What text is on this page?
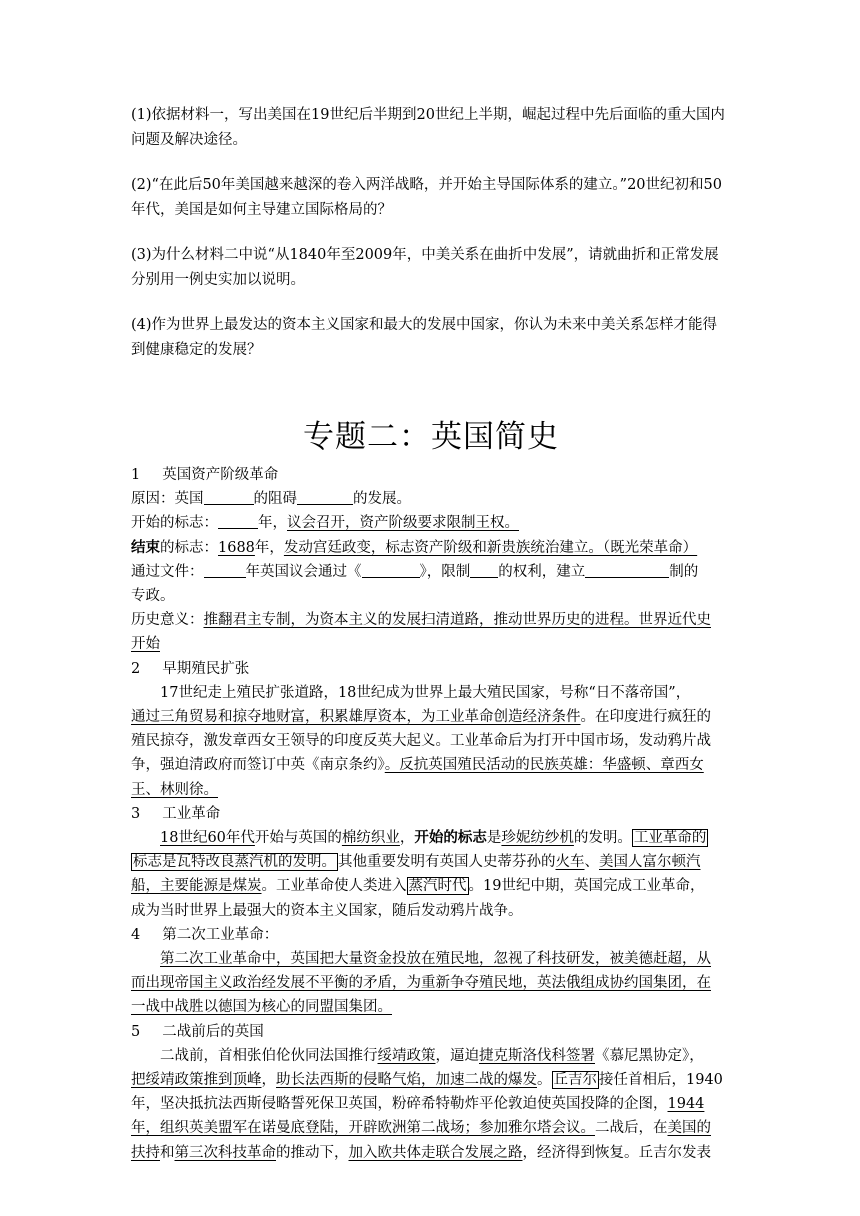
(1)依据材料一，写出美国在19世纪后半期到20世纪上半期，崛起过程中先后面临的重大国内问题及解决途径。

(2)“在此后50年美国越来越深的卷入两洋战略，并开始主导国际体系的建立。”20世纪初和50年代，美国是如何主导建立国际格局的？

(3)为什么材料二中说“从1840年至2009年，中美关系在曲折中发展”，请就曲折和正常发展分别用一例史实加以说明。

(4)作为世界上最发达的资本主义国家和最大的发展中国家，你认为未来中美关系怎样才能得到健康稳定的发展？

专题二：英国简史

1 英国资产阶级革命

原因：英国	的阻碍	的发展。

开始的标志：	年，议会召开，资产阶级要求限制王权。

结束的标志：1688年，发动宫廷政变，标志资产阶级和新贵族统治建立。（既光荣革命）

通过文件：	年英国议会通过《	》，限制 的权利，建立	制的

专政。

历史意义：推翻君主专制，为资本主义的发展扫清道路，推动世界历史的进程。世界近代史

开始

2 早期殖民扩张

17世纪走上殖民扩张道路，18世纪成为世界上最大殖民国家，号称“日不落帝国”，

通过三角贸易和掠夺地财富，积累雄厚资本，为工业革命创造经济条件。在印度进行疯狂的

殖民掠夺，激发章西女王领导的印度反英大起义。工业革命后为打开中国市场，发动鸦片战

争，强迫清政府而签订中英《南京条约》。反抗英国殖民活动的民族英雄：华盛顿、章西女

王、林则徐。

3 工业革命

18世纪60年代开始与英国的棉纺织业，开始的标志是珍妮纺纱机的发明。 工业革命的

标志是瓦特改良蒸汽机的发明。 其他重要发明有英国人史蒂芬孙的火车、美国人富尔顿汽

船，主要能源是煤炭。工业革命使人类进入 蒸汽时代 。19世纪中期，英国完成工业革命，

成为当时世界上最强大的资本主义国家，随后发动鸦片战争。

4 第二次工业革命：

第二次工业革命中，英国把大量资金投放在殖民地，忽视了科技研发，被美德赶超，从

而出现帝国主义政治经发展不平衡的矛盾，为重新争夺殖民地，英法俄组成协约国集团，在

一战中战胜以德国为核心的同盟国集团。

5 二战前后的英国

二战前，首相张伯伦伙同法国推行绥靖政策，逼迫捷克斯洛伐科签署《慕尼黑协定》，

把绥靖政策推到顶峰，助长法西斯的侵略气焰，加速二战的爆发。 丘吉尔 接任首相后，1940

年，坚决抵抗法西斯侵略誓死保卫英国，粉碎希特勒炸平伦敦迫使英国投降的企图，1944

年，组织英美盟军在诺曼底登陆，开辟欧洲第二战场；参加雅尔塔会议。二战后，在美国的

扶持和第三次科技革命的推动下，加入欧共体走联合发展之路，经济得到恢复。丘吉尔发表
